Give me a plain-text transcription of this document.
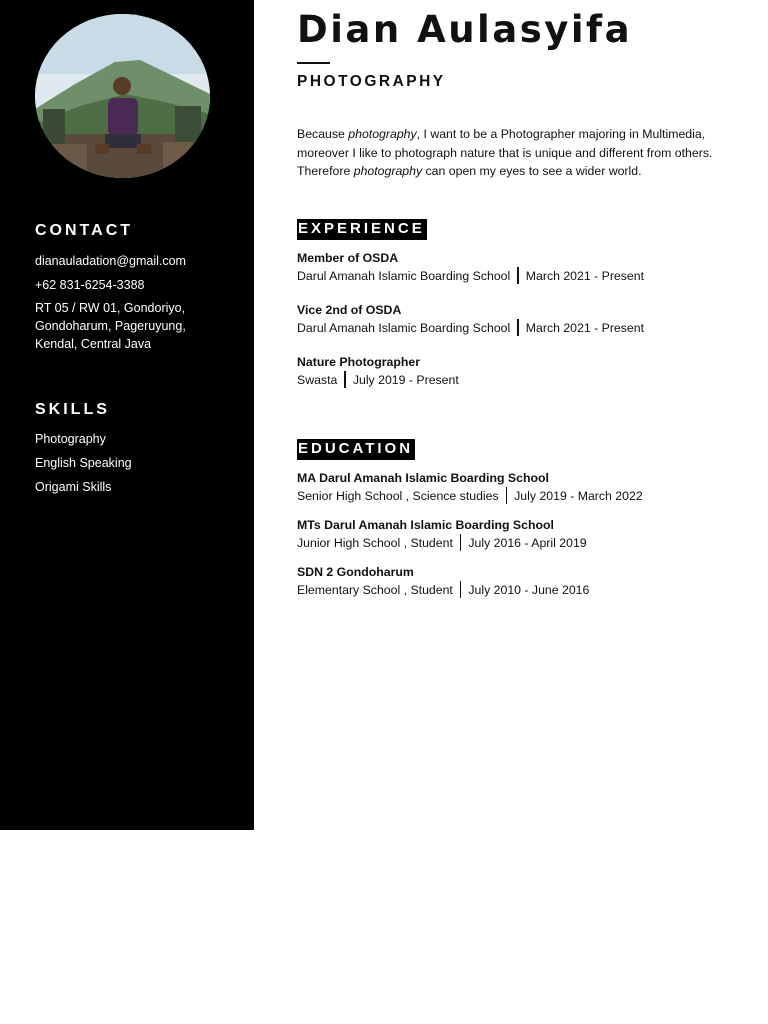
CONTACT
dianauladation@gmail.com
+62 831-6254-3388
RT 05 / RW 01, Gondoriyo, Gondoharum, Pageruyung, Kendal, Central Java
SKILLS
Photography
English Speaking
Origami Skills
Dian Aulasyifa
PHOTOGRAPHY
Because photography, I want to be a Photographer majoring in Multimedia, moreover I like to photograph nature that is unique and different from others. Therefore photography can open my eyes to see a wider world.
EXPERIENCE
Member of OSDA
Darul Amanah Islamic Boarding School March 2021 - Present
Vice 2nd of OSDA
Darul Amanah Islamic Boarding School March 2021 - Present
Nature Photographer
Swasta July 2019 - Present
EDUCATION
MA Darul Amanah Islamic Boarding School
Senior High School , Science studies July 2019 - March 2022
MTs Darul Amanah Islamic Boarding School
Junior High School , Student July 2016 - April 2019
SDN 2 Gondoharum
Elementary School , Student July 2010 - June 2016
